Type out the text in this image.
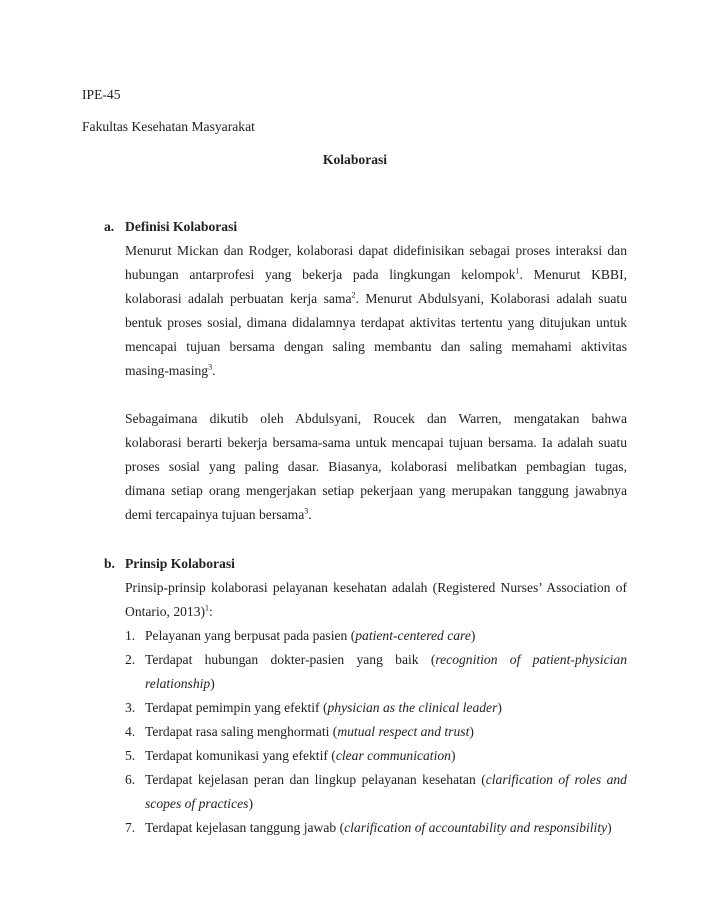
IPE-45
Fakultas Kesehatan Masyarakat
Kolaborasi
a. Definisi Kolaborasi
Menurut Mickan dan Rodger, kolaborasi dapat didefinisikan sebagai proses interaksi dan
hubungan antarprofesi yang bekerja pada lingkungan kelompok$^1$. Menurut KBBI,
kolaborasi adalah perbuatan kerja sama$^2$. Menurut Abdulsyani, Kolaborasi adalah suatu
bentuk proses sosial, dimana didalamnya terdapat aktivitas tertentu yang ditujukan untuk
mencapai tujuan bersama dengan saling membantu dan saling memahami aktivitas
masing-masing$^3$.
Sebagaimana dikutib oleh Abdulsyani, Roucek dan Warren, mengatakan bahwa
kolaborasi berarti bekerja bersama-sama untuk mencapai tujuan bersama. Ia adalah suatu
proses sosial yang paling dasar. Biasanya, kolaborasi melibatkan pembagian tugas,
dimana setiap orang mengerjakan setiap pekerjaan yang merupakan tanggung jawabnya
demi tercapainya tujuan bersama$^3$.
b. Prinsip Kolaborasi
Prinsip-prinsip kolaborasi pelayanan kesehatan adalah (Registered Nurses’ Association of
Ontario, 2013)$^1$:
1. Pelayanan yang berpusat pada pasien (patient-centered care)
2. Terdapat hubungan dokter-pasien yang baik (recognition of patient-physician
relationship)
3. Terdapat pemimpin yang efektif (physician as the clinical leader)
4. Terdapat rasa saling menghormati (mutual respect and trust)
5. Terdapat komunikasi yang efektif (clear communication)
6. Terdapat kejelasan peran dan lingkup pelayanan kesehatan (clarification of roles and
scopes of practices)
7. Terdapat kejelasan tanggung jawab (clarification of accountability and responsibility)
